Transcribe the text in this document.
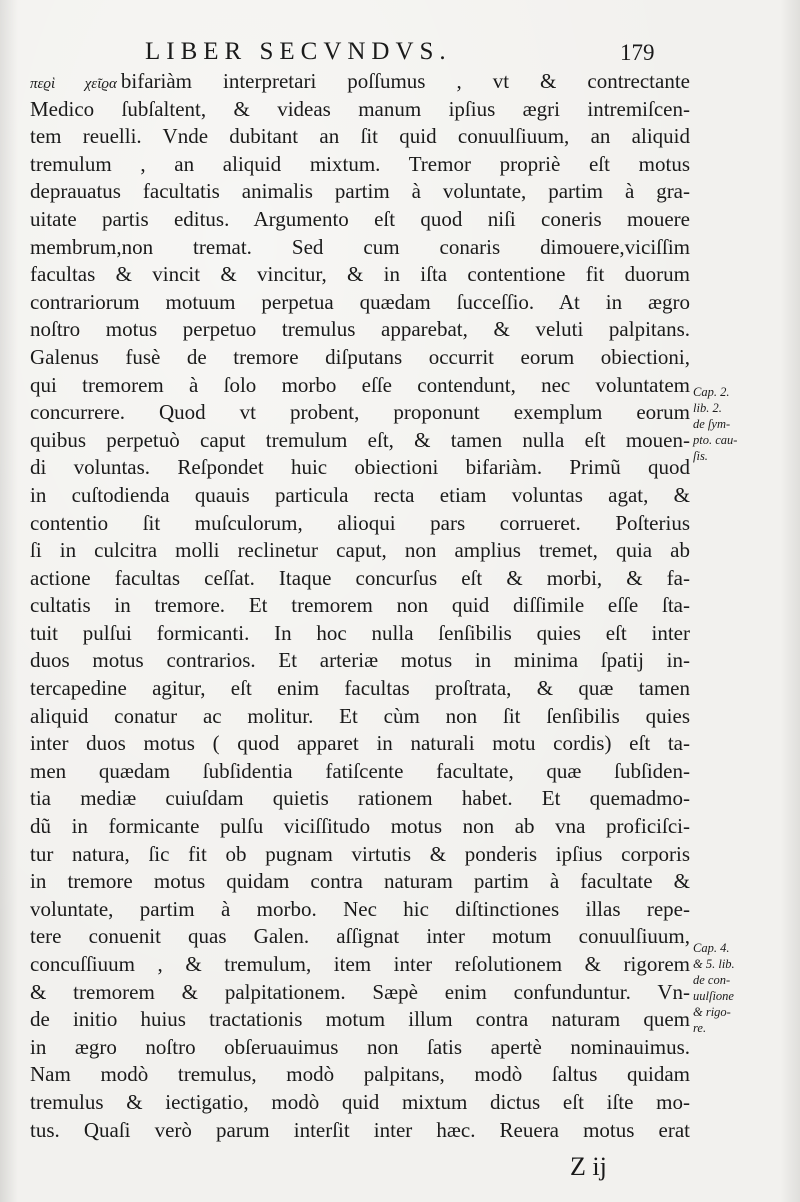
LIBER SECVNDVS.	179
πεϱὶ χεῖϱα bifariàm interpretari poſſumus , vt & contrectante
Medico ſubſaltent, & videas manum ipſius ægri intremiſcen-
tem reuelli. Vnde dubitant an ſit quid conuulſiuum, an aliquid
tremulum , an aliquid mixtum. Tremor propriè eſt motus
deprauatus facultatis animalis partim à voluntate, partim à gra-
uitate partis editus. Argumento eſt quod niſi coneris mouere
membrum,non tremat. Sed cum conaris dimouere,viciſſim
facultas & vincit & vincitur, & in iſta contentione fit duorum
contrariorum motuum perpetua quædam ſucceſſio. At in ægro
noſtro motus perpetuo tremulus apparebat, & veluti palpitans.
Galenus fusè de tremore diſputans occurrit eorum obiectioni,
qui tremorem à ſolo morbo eſſe contendunt, nec voluntatem
concurrere. Quod vt probent, proponunt exemplum eorum
quibus perpetuò caput tremulum eſt, & tamen nulla eſt mouen-
di voluntas. Reſpondet huic obiectioni bifariàm. Primũ quod
in cuſtodienda quauis particula recta etiam voluntas agat, &
contentio ſit muſculorum, alioqui pars corrueret. Poſterius
ſi in culcitra molli reclinetur caput, non amplius tremet, quia ab
actione facultas ceſſat. Itaque concurſus eſt & morbi, & fa-
cultatis in tremore. Et tremorem non quid diſſimile eſſe ſta-
tuit pulſui formicanti. In hoc nulla ſenſibilis quies eſt inter
duos motus contrarios. Et arteriæ motus in minima ſpatij in-
tercapedine agitur, eſt enim facultas proſtrata, & quæ tamen
aliquid conatur ac molitur. Et cùm non ſit ſenſibilis quies
inter duos motus ( quod apparet in naturali motu cordis) eſt ta-
men quædam ſubſidentia fatiſcente facultate, quæ ſubſiden-
tia mediæ cuiuſdam quietis rationem habet. Et quemadmo-
dũ in formicante pulſu viciſſitudo motus non ab vna proficiſci-
tur natura, ſic fit ob pugnam virtutis & ponderis ipſius corporis
in tremore motus quidam contra naturam partim à facultate &
voluntate, partim à morbo. Nec hic diſtinctiones illas repe-
tere conuenit quas Galen. aſſignat inter motum conuulſiuum,
concuſſiuum , & tremulum, item inter reſolutionem & rigorem
& tremorem & palpitationem. Sæpè enim confunduntur. Vn-
de initio huius tractationis motum illum contra naturam quem
in ægro noſtro obſeruauimus non ſatis apertè nominauimus.
Nam modò tremulus, modò palpitans, modò ſaltus quidam
tremulus & iectigatio, modò quid mixtum dictus eſt iſte mo-
tus. Quaſi verò parum interſit inter hæc. Reuera motus erat
Cap. 2.
lib. 2.
de ſym-
pto. cau-
ſis.
Cap. 4.
& 5. lib.
de con-
uulſione
& rigo-
re.
Z ij
